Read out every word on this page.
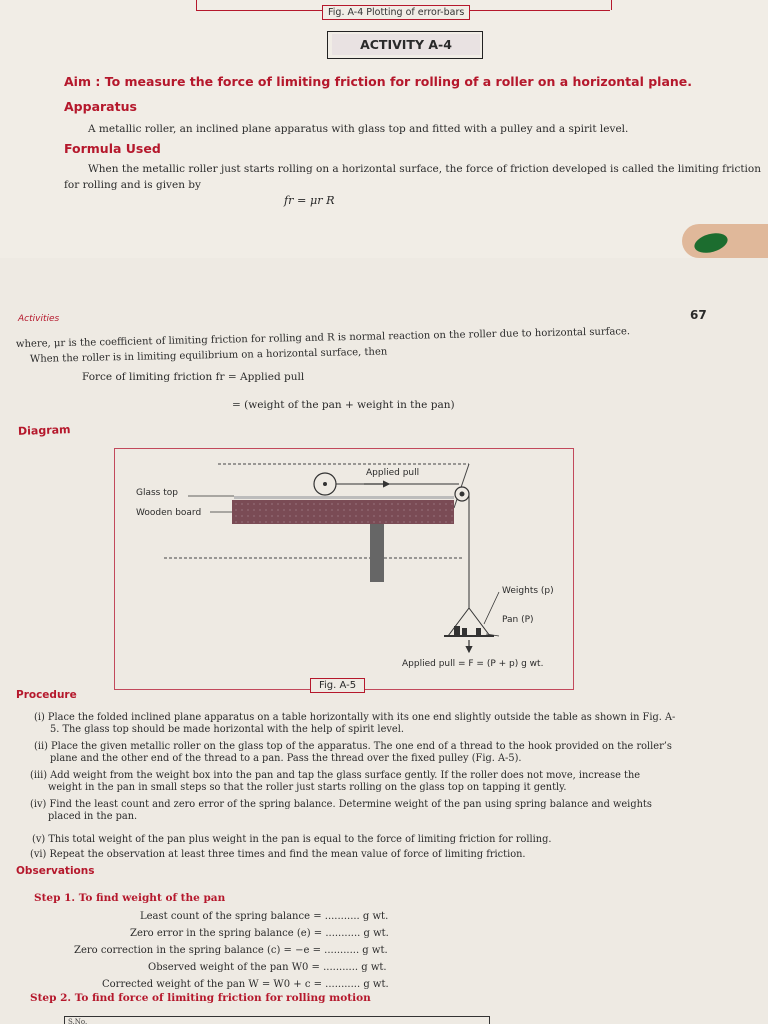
Fig. A-4 Plotting of error-bars
ACTIVITY A-4
Aim : To measure the force of limiting friction for rolling of a roller on a horizontal plane.
Apparatus
A metallic roller, an inclined plane apparatus with glass top and fitted with a pulley and a spirit level.
Formula Used
When the metallic roller just starts rolling on a horizontal surface, the force of friction developed is called the limiting friction
for rolling and is given by
fr = μr R
Activities	67
where, μr is the coefficient of limiting friction for rolling and R is normal reaction on the roller due to horizontal surface.
When the roller is in limiting equilibrium on a horizontal surface, then
Force of limiting friction fr = Applied pull
= (weight of the pan + weight in the pan)
Diagram
Applied pull
Glass top
Wooden board
Weights (p)
Pan (P)
Applied pull = F = (P + p) g wt.
Fig. A-5
Procedure
(i) Place the folded inclined plane apparatus on a table horizontally with its one end slightly outside the table as shown in Fig. A-
5. The glass top should be made horizontal with the help of spirit level.
(ii) Place the given metallic roller on the glass top of the apparatus. The one end of a thread to the hook provided on the roller’s
plane and the other end of the thread to a pan. Pass the thread over the fixed pulley (Fig. A-5).
(iii) Add weight from the weight box into the pan and tap the glass surface gently. If the roller does not move, increase the
weight in the pan in small steps so that the roller just starts rolling on the glass top on tapping it gently.
(iv) Find the least count and zero error of the spring balance. Determine weight of the pan using spring balance and weights
placed in the pan.
(v) This total weight of the pan plus weight in the pan is equal to the force of limiting friction for rolling.
(vi) Repeat the observation at least three times and find the mean value of force of limiting friction.
Observations
Step 1. To find weight of the pan
Least count of the spring balance = ........... g wt.
Zero error in the spring balance (e) = ........... g wt.
Zero correction in the spring balance (c) = −e = ........... g wt.
Observed weight of the pan W0 = ........... g wt.
Corrected weight of the pan W = W0 + c = ........... g wt.
Step 2. To find force of limiting friction for rolling motion
S.No.
